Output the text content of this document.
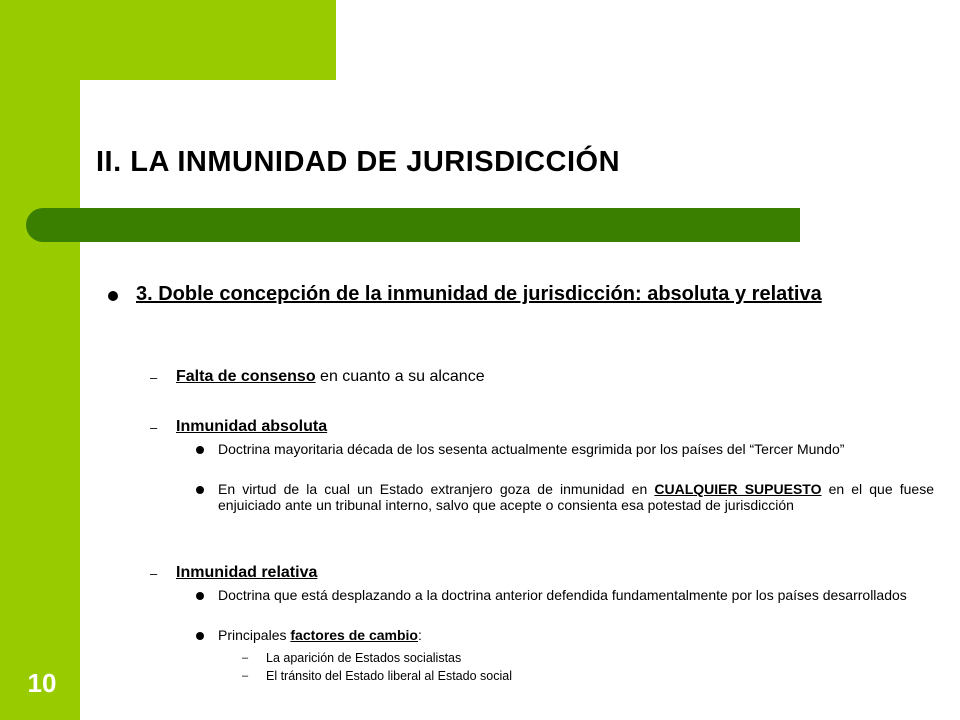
II. LA INMUNIDAD DE JURISDICCIÓN
10
3. Doble concepción de la inmunidad de jurisdicción: absoluta y relativa
– Falta de consenso en cuanto a su alcance
– Inmunidad absoluta
Doctrina mayoritaria década de los sesenta actualmente esgrimida por los países del “Tercer Mundo”
En virtud de la cual un Estado extranjero goza de inmunidad en CUALQUIER SUPUESTO en el que fuese enjuiciado ante un tribunal interno, salvo que acepte o consienta esa potestad de jurisdicción
– Inmunidad relativa
Doctrina que está desplazando a la doctrina anterior defendida fundamentalmente por los países desarrollados
Principales factores de cambio:
– La aparición de Estados socialistas
– El tránsito del Estado liberal al Estado social
